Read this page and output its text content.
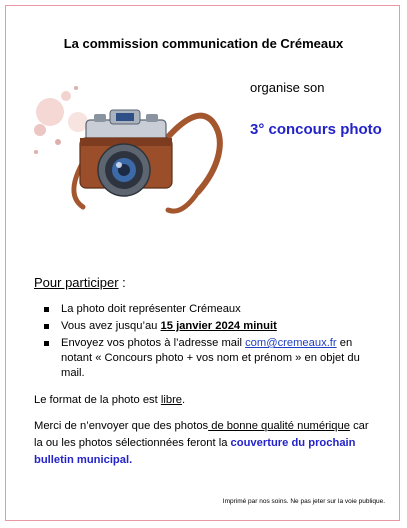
La commission communication de Crémeaux
organise son
3° concours photo
Pour participer :
La photo doit représenter Crémeaux
Vous avez jusqu’au 15 janvier 2024 minuit
Envoyez vos photos à l’adresse mail com@cremeaux.fr en notant « Concours photo + vos nom et prénom » en objet du mail.
Le format de la photo est libre.
Merci de n’envoyer que des photos de bonne qualité numérique car la ou les photos sélectionnées feront la couverture du prochain bulletin municipal.
Imprimé par nos soins. Ne pas jeter sur la voie publique.
